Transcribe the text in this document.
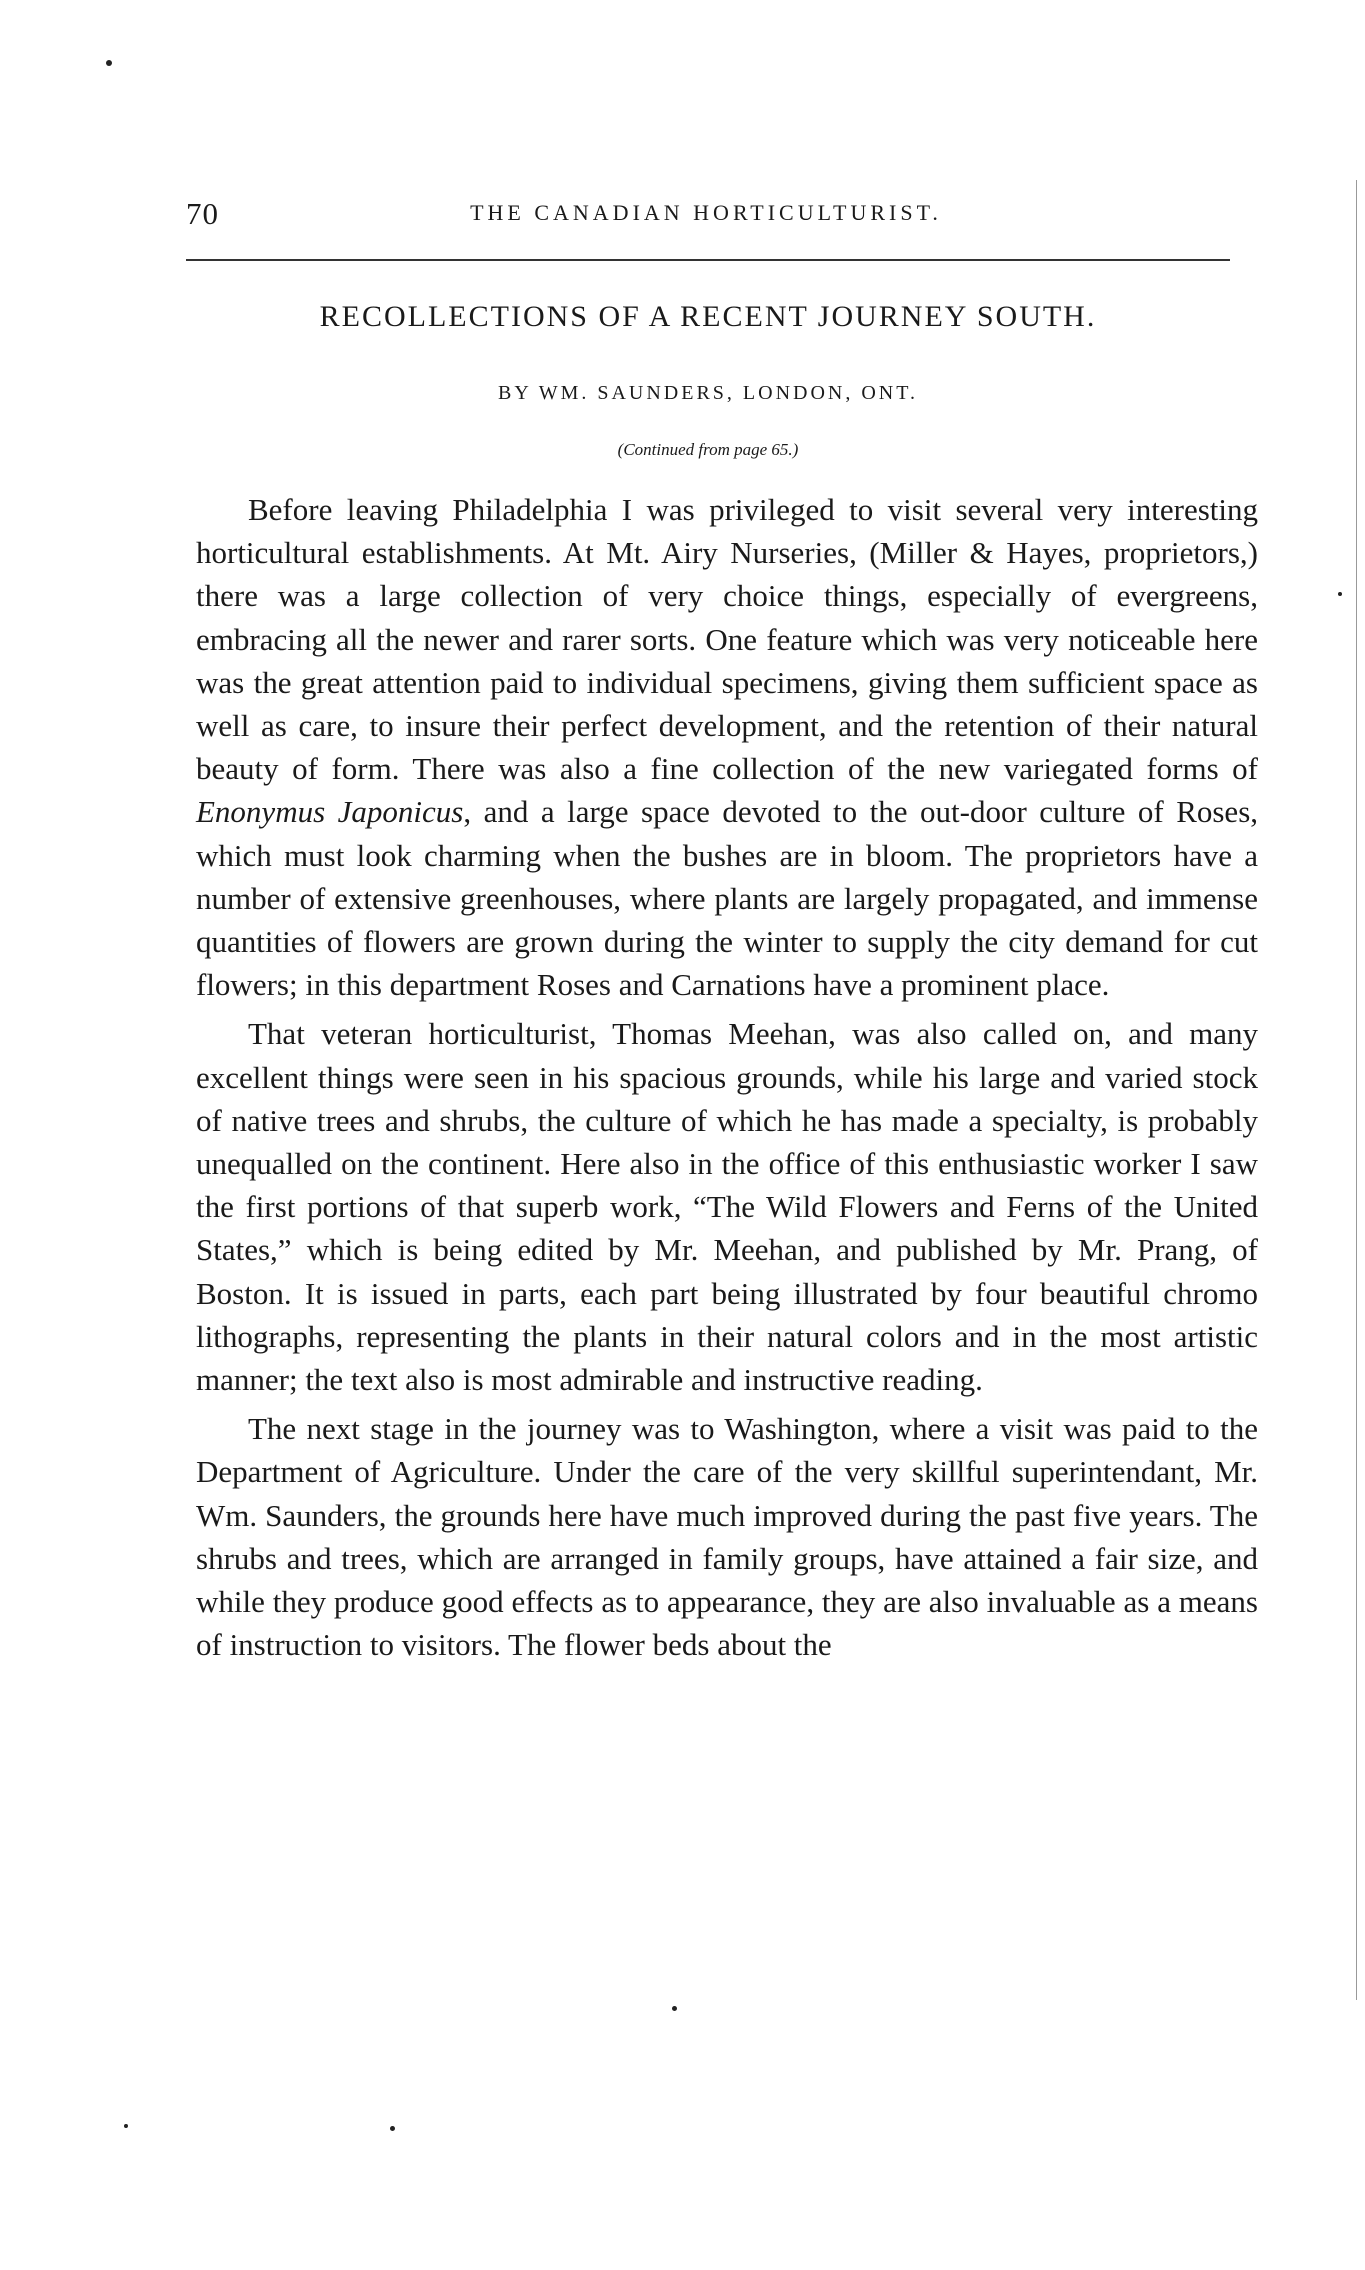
70	THE CANADIAN HORTICULTURIST.
RECOLLECTIONS OF A RECENT JOURNEY SOUTH.
BY WM. SAUNDERS, LONDON, ONT.
(Continued from page 65.)

Before leaving Philadelphia I was privileged to visit several very interesting horticultural establishments. At Mt. Airy Nurseries, (Miller & Hayes, proprietors,) there was a large collection of very choice things, especially of evergreens, embracing all the newer and rarer sorts. One feature which was very noticeable here was the great attention paid to individual specimens, giving them sufficient space as well as care, to insure their perfect development, and the retention of their natural beauty of form. There was also a fine collection of the new variegated forms of Enonymus Japonicus, and a large space devoted to the out-door culture of Roses, which must look charming when the bushes are in bloom. The proprietors have a number of extensive greenhouses, where plants are largely propagated, and immense quantities of flowers are grown during the winter to supply the city demand for cut flowers; in this department Roses and Carnations have a prominent place.

That veteran horticulturist, Thomas Meehan, was also called on, and many excellent things were seen in his spacious grounds, while his large and varied stock of native trees and shrubs, the culture of which he has made a specialty, is probably unequalled on the continent. Here also in the office of this enthusiastic worker I saw the first portions of that superb work, “The Wild Flowers and Ferns of the United States,” which is being edited by Mr. Meehan, and published by Mr. Prang, of Boston. It is issued in parts, each part being illustrated by four beautiful chromo lithographs, representing the plants in their natural colors and in the most artistic manner; the text also is most admirable and instructive reading.

The next stage in the journey was to Washington, where a visit was paid to the Department of Agriculture. Under the care of the very skillful superintendant, Mr. Wm. Saunders, the grounds here have much improved during the past five years. The shrubs and trees, which are arranged in family groups, have attained a fair size, and while they produce good effects as to appearance, they are also invaluable as a means of instruction to visitors. The flower beds about the
